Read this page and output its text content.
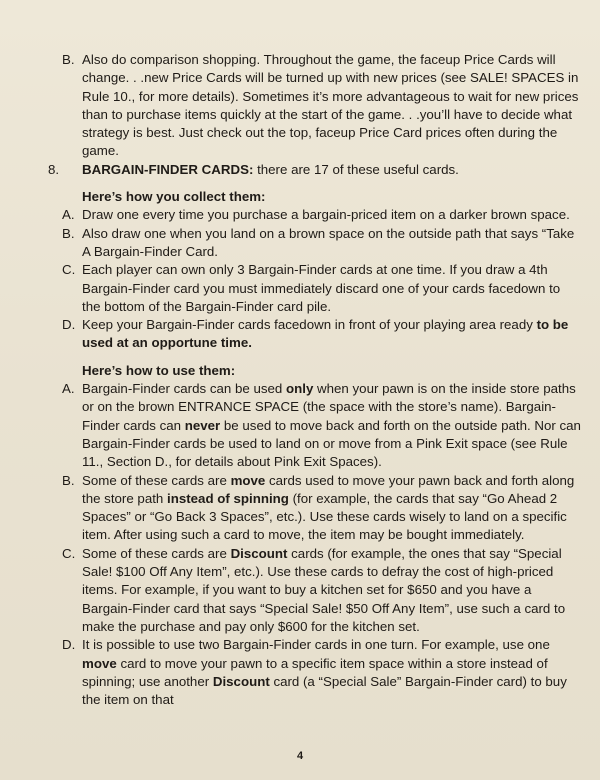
B. Also do comparison shopping. Throughout the game, the faceup Price Cards will change. . .new Price Cards will be turned up with new prices (see SALE! SPACES in Rule 10., for more details). Sometimes it’s more advantageous to wait for new prices than to purchase items quickly at the start of the game. . .you’ll have to decide what strategy is best. Just check out the top, faceup Price Card prices often during the game.
8. BARGAIN-FINDER CARDS: there are 17 of these useful cards.
Here’s how you collect them:
A. Draw one every time you purchase a bargain-priced item on a darker brown space.
B. Also draw one when you land on a brown space on the outside path that says “Take A Bargain-Finder Card.
C. Each player can own only 3 Bargain-Finder cards at one time. If you draw a 4th Bargain-Finder card you must immediately discard one of your cards facedown to the bottom of the Bargain-Finder card pile.
D. Keep your Bargain-Finder cards facedown in front of your playing area ready to be used at an opportune time.
Here’s how to use them:
A. Bargain-Finder cards can be used only when your pawn is on the inside store paths or on the brown ENTRANCE SPACE (the space with the store’s name). Bargain-Finder cards can never be used to move back and forth on the outside path. Nor can Bargain-Finder cards be used to land on or move from a Pink Exit space (see Rule 11., Section D., for details about Pink Exit Spaces).
B. Some of these cards are move cards used to move your pawn back and forth along the store path instead of spinning (for example, the cards that say “Go Ahead 2 Spaces” or “Go Back 3 Spaces”, etc.). Use these cards wisely to land on a specific item. After using such a card to move, the item may be bought immediately.
C. Some of these cards are Discount cards (for example, the ones that say “Special Sale! $100 Off Any Item”, etc.). Use these cards to defray the cost of high-priced items. For example, if you want to buy a kitchen set for $650 and you have a Bargain-Finder card that says “Special Sale! $50 Off Any Item”, use such a card to make the purchase and pay only $600 for the kitchen set.
D. It is possible to use two Bargain-Finder cards in one turn. For example, use one move card to move your pawn to a specific item space within a store instead of spinning; use another Discount card (a “Special Sale” Bargain-Finder card) to buy the item on that
4
